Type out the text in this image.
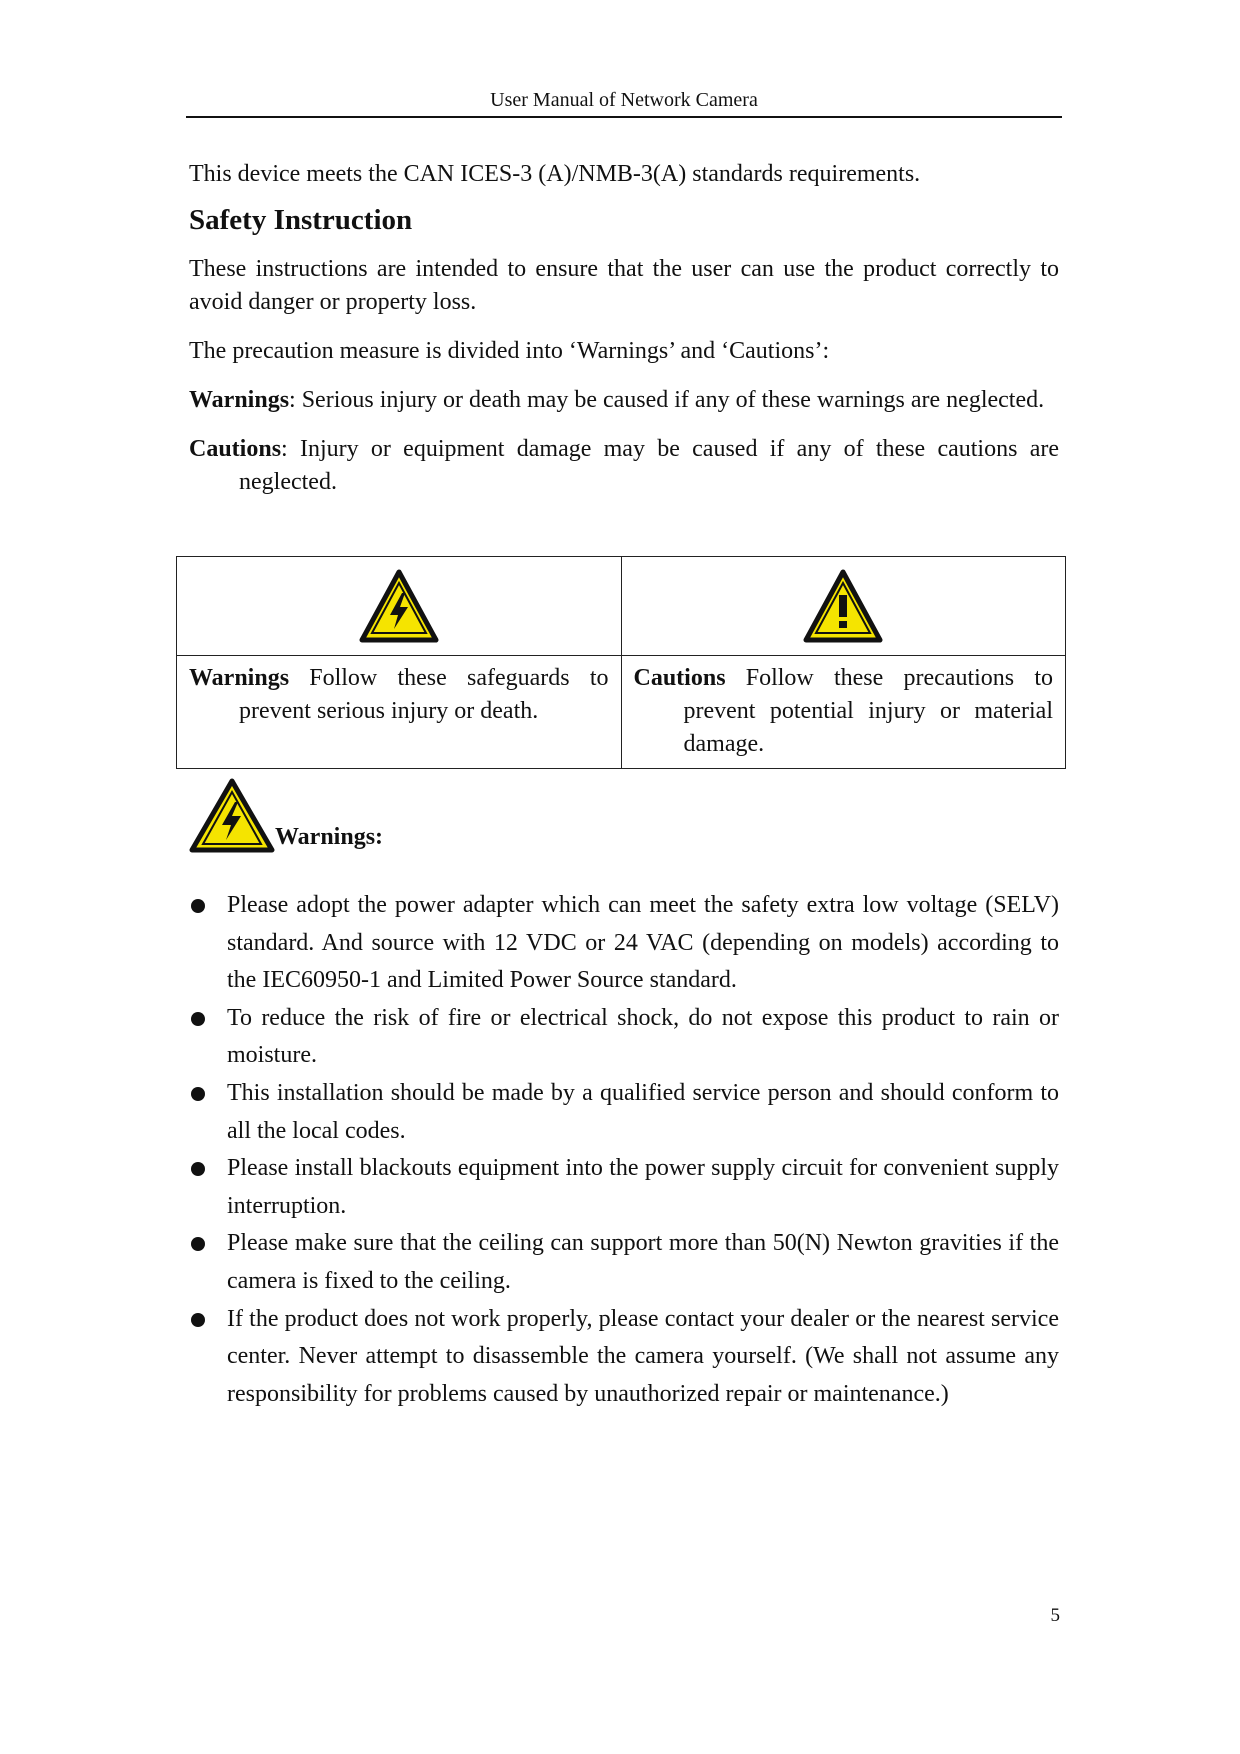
User Manual of Network Camera

This device meets the CAN ICES-3 (A)/NMB-3(A) standards requirements.

Safety Instruction

These instructions are intended to ensure that the user can use the product correctly to avoid danger or property loss.

The precaution measure is divided into ‘Warnings’ and ‘Cautions’:

Warnings: Serious injury or death may be caused if any of these warnings are neglected.

Cautions: Injury or equipment damage may be caused if any of these cautions are neglected.

Warnings Follow these safeguards to prevent serious injury or death.	Cautions Follow these precautions to prevent potential injury or material damage.
Warnings:
Please adopt the power adapter which can meet the safety extra low voltage (SELV) standard. And source with 12 VDC or 24 VAC (depending on models) according to the IEC60950-1 and Limited Power Source standard.
To reduce the risk of fire or electrical shock, do not expose this product to rain or moisture.
This installation should be made by a qualified service person and should conform to all the local codes.
Please install blackouts equipment into the power supply circuit for convenient supply interruption.
Please make sure that the ceiling can support more than 50(N) Newton gravities if the camera is fixed to the ceiling.
If the product does not work properly, please contact your dealer or the nearest service center. Never attempt to disassemble the camera yourself. (We shall not assume any responsibility for problems caused by unauthorized repair or maintenance.)
5
